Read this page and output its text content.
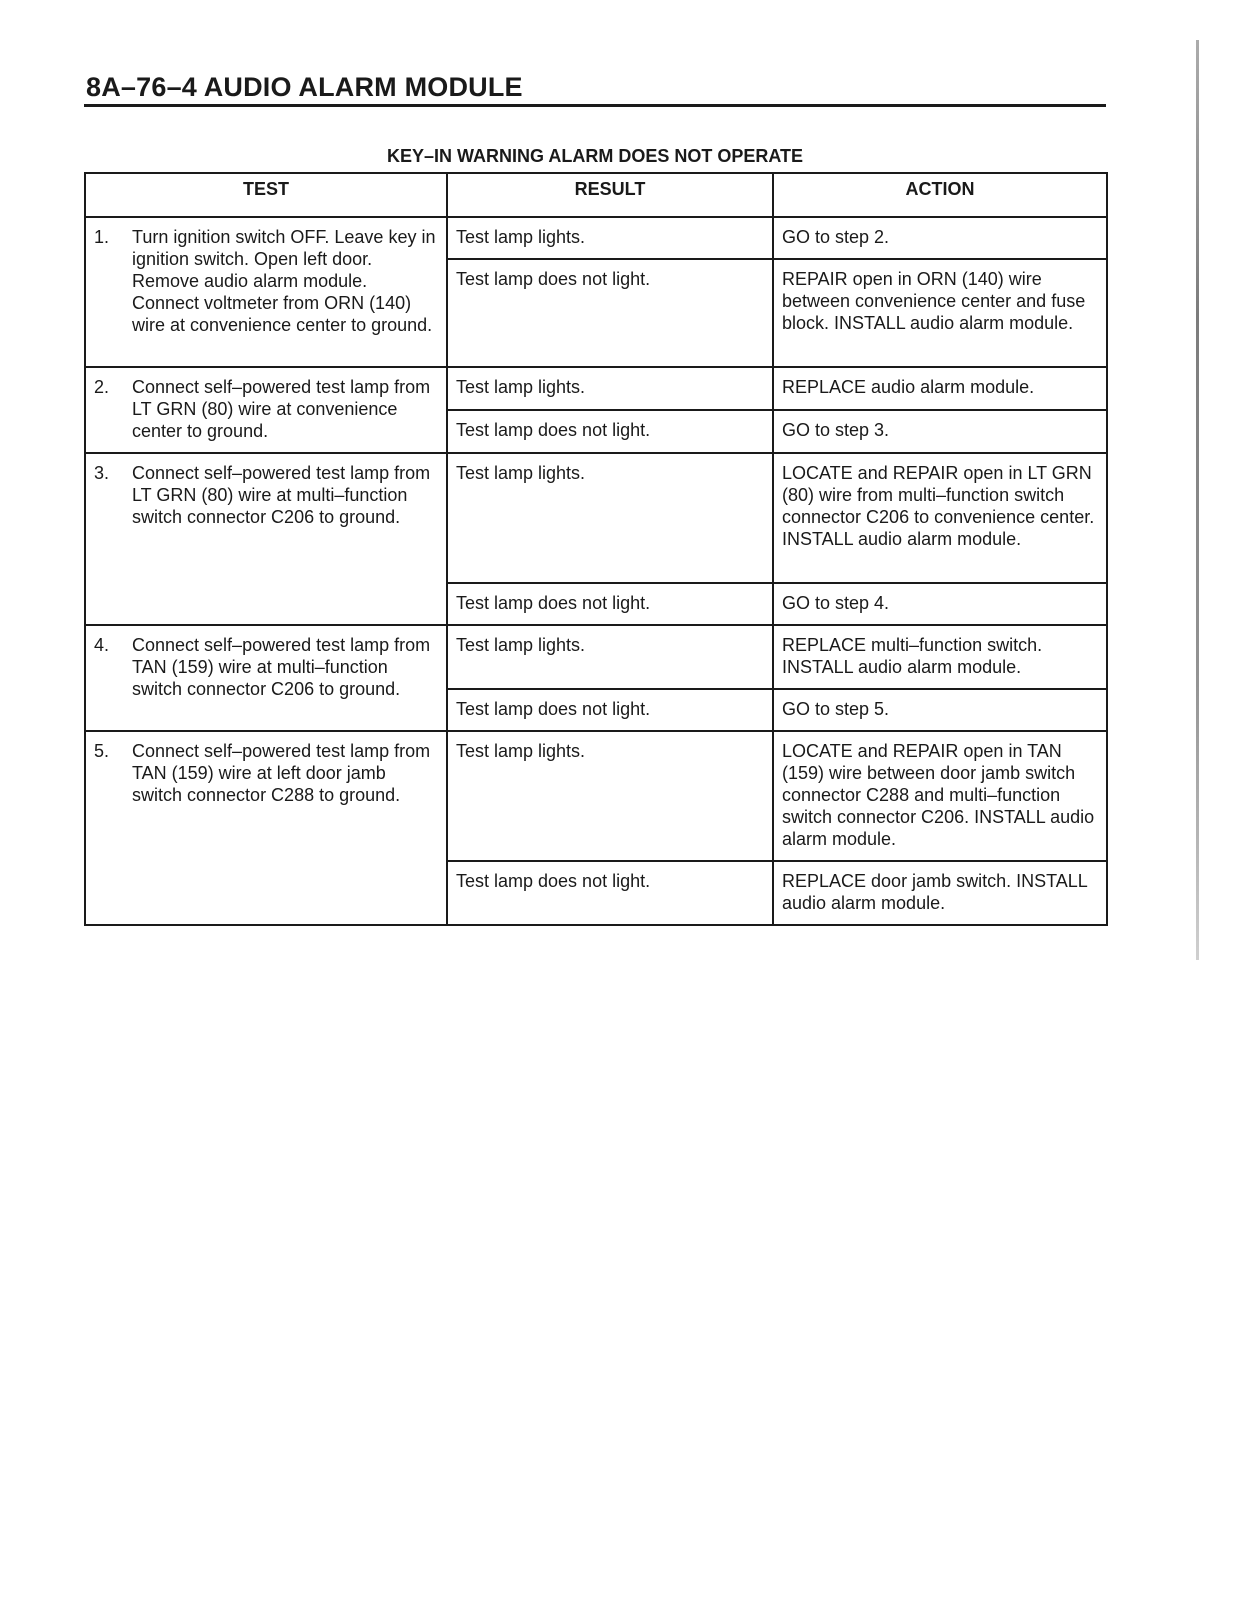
8A–76–4 AUDIO ALARM MODULE
KEY–IN WARNING ALARM DOES NOT OPERATE
TEST	RESULT	ACTION

1. Turn ignition switch OFF. Leave key in ignition switch. Open left door. Remove audio alarm module. Connect voltmeter from ORN (140) wire at convenience center to ground.	Test lamp lights.	GO to step 2.
	Test lamp does not light.	REPAIR open in ORN (140) wire between convenience center and fuse block. INSTALL audio alarm module.

2. Connect self–powered test lamp from LT GRN (80) wire at convenience center to ground.	Test lamp lights.	REPLACE audio alarm module.
	Test lamp does not light.	GO to step 3.

3. Connect self–powered test lamp from LT GRN (80) wire at multi–function switch connector C206 to ground.	Test lamp lights.	LOCATE and REPAIR open in LT GRN (80) wire from multi–function switch connector C206 to convenience center. INSTALL audio alarm module.
	Test lamp does not light.	GO to step 4.

4. Connect self–powered test lamp from TAN (159) wire at multi–function switch connector C206 to ground.	Test lamp lights.	REPLACE multi–function switch. INSTALL audio alarm module.
	Test lamp does not light.	GO to step 5.

5. Connect self–powered test lamp from TAN (159) wire at left door jamb switch connector C288 to ground.	Test lamp lights.	LOCATE and REPAIR open in TAN (159) wire between door jamb switch connector C288 and multi–function switch connector C206. INSTALL audio alarm module.
	Test lamp does not light.	REPLACE door jamb switch. INSTALL audio alarm module.
